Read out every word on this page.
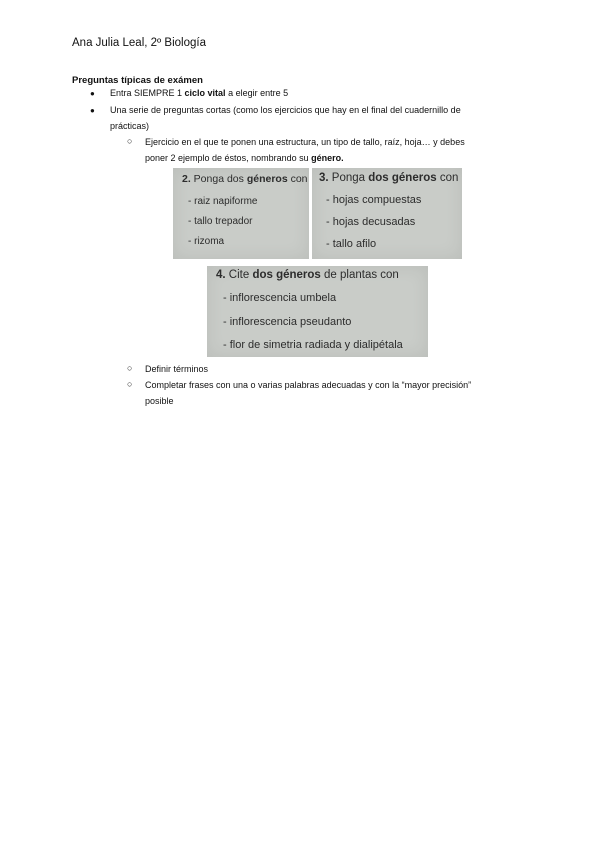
Ana Julia Leal, 2º Biología
Preguntas típicas de exámen
● Entra SIEMPRE 1 ciclo vital a elegir entre 5
● Una serie de preguntas cortas (como los ejercicios que hay en el final del cuadernillo de
prácticas)
○ Ejercicio en el que te ponen una estructura, un tipo de tallo, raíz, hoja… y debes
poner 2 ejemplo de éstos, nombrando su género.
2. Ponga dos géneros con
- raiz napiforme
- tallo trepador
- rizoma
3. Ponga dos géneros con
- hojas compuestas
- hojas decusadas
- tallo afilo
4. Cite dos géneros de plantas con
- inflorescencia umbela
- inflorescencia pseudanto
- flor de simetria radiada y dialipétala
○ Definir términos
○ Completar frases con una o varias palabras adecuadas y con la “mayor precisión”
posible
